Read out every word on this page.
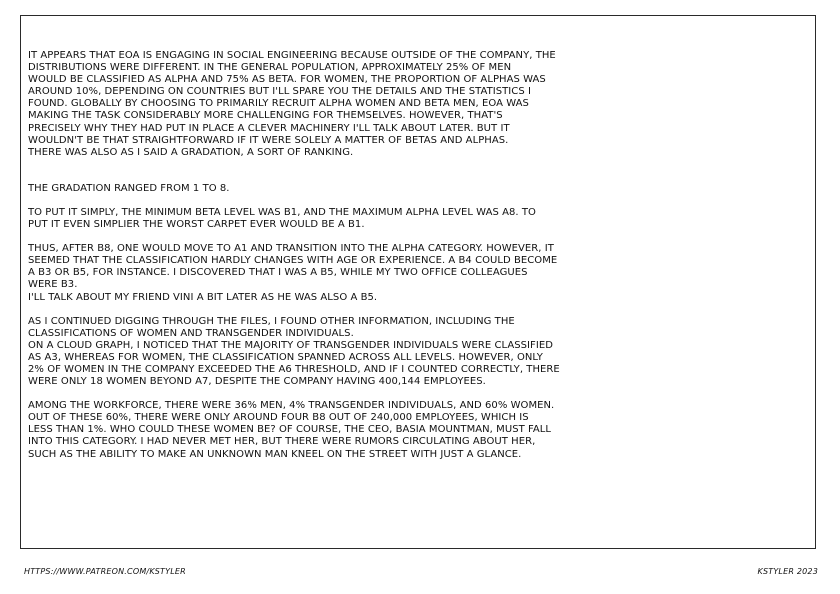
IT APPEARS THAT EOA IS ENGAGING IN SOCIAL ENGINEERING BECAUSE OUTSIDE OF THE COMPANY, THE
DISTRIBUTIONS WERE DIFFERENT. IN THE GENERAL POPULATION, APPROXIMATELY 25% OF MEN
WOULD BE CLASSIFIED AS ALPHA AND 75% AS BETA. FOR WOMEN, THE PROPORTION OF ALPHAS WAS
AROUND 10%, DEPENDING ON COUNTRIES BUT I'LL SPARE YOU THE DETAILS AND THE STATISTICS I
FOUND. GLOBALLY BY CHOOSING TO PRIMARILY RECRUIT ALPHA WOMEN AND BETA MEN, EOA WAS
MAKING THE TASK CONSIDERABLY MORE CHALLENGING FOR THEMSELVES. HOWEVER, THAT'S
PRECISELY WHY THEY HAD PUT IN PLACE A CLEVER MACHINERY I'LL TALK ABOUT LATER. BUT IT
WOULDN'T BE THAT STRAIGHTFORWARD IF IT WERE SOLELY A MATTER OF BETAS AND ALPHAS.
THERE WAS ALSO AS I SAID A GRADATION, A SORT OF RANKING.

THE GRADATION RANGED FROM 1 TO 8.

TO PUT IT SIMPLY, THE MINIMUM BETA LEVEL WAS B1, AND THE MAXIMUM ALPHA LEVEL WAS A8. TO
PUT IT EVEN SIMPLIER THE WORST CARPET EVER WOULD BE A B1.

THUS, AFTER B8, ONE WOULD MOVE TO A1 AND TRANSITION INTO THE ALPHA CATEGORY. HOWEVER, IT
SEEMED THAT THE CLASSIFICATION HARDLY CHANGES WITH AGE OR EXPERIENCE. A B4 COULD BECOME
A B3 OR B5, FOR INSTANCE. I DISCOVERED THAT I WAS A B5, WHILE MY TWO OFFICE COLLEAGUES
WERE B3.
I'LL TALK ABOUT MY FRIEND VINI A BIT LATER AS HE WAS ALSO A B5.

AS I CONTINUED DIGGING THROUGH THE FILES, I FOUND OTHER INFORMATION, INCLUDING THE
CLASSIFICATIONS OF WOMEN AND TRANSGENDER INDIVIDUALS.
ON A CLOUD GRAPH, I NOTICED THAT THE MAJORITY OF TRANSGENDER INDIVIDUALS WERE CLASSIFIED
AS A3, WHEREAS FOR WOMEN, THE CLASSIFICATION SPANNED ACROSS ALL LEVELS. HOWEVER, ONLY
2% OF WOMEN IN THE COMPANY EXCEEDED THE A6 THRESHOLD, AND IF I COUNTED CORRECTLY, THERE
WERE ONLY 18 WOMEN BEYOND A7, DESPITE THE COMPANY HAVING 400,144 EMPLOYEES.

AMONG THE WORKFORCE, THERE WERE 36% MEN, 4% TRANSGENDER INDIVIDUALS, AND 60% WOMEN.
OUT OF THESE 60%, THERE WERE ONLY AROUND FOUR B8 OUT OF 240,000 EMPLOYEES, WHICH IS
LESS THAN 1%. WHO COULD THESE WOMEN BE? OF COURSE, THE CEO, BASIA MOUNTMAN, MUST FALL
INTO THIS CATEGORY. I HAD NEVER MET HER, BUT THERE WERE RUMORS CIRCULATING ABOUT HER,
SUCH AS THE ABILITY TO MAKE AN UNKNOWN MAN KNEEL ON THE STREET WITH JUST A GLANCE.

HTTPS://WWW.PATREON.COM/KSTYLER	KSTYLER 2023
